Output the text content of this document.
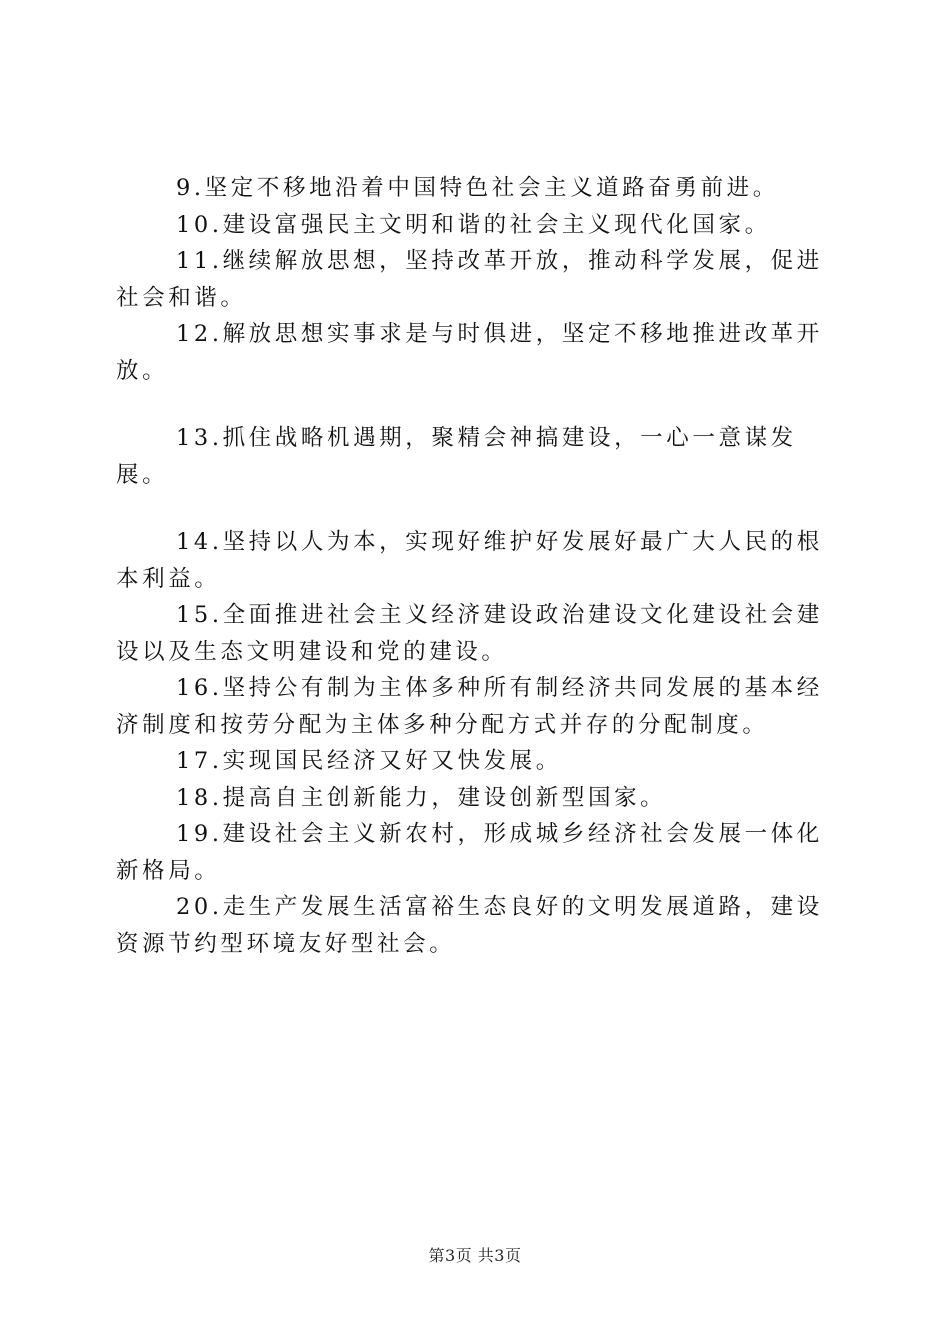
9.坚定不移地沿着中国特色社会主义道路奋勇前进。

10.建设富强民主文明和谐的社会主义现代化国家。

11.继续解放思想，坚持改革开放，推动科学发展，促进社会和谐。

12.解放思想实事求是与时俱进，坚定不移地推进改革开放。

13.抓住战略机遇期，聚精会神搞建设，一心一意谋发展。

14.坚持以人为本，实现好维护好发展好最广大人民的根本利益。

15.全面推进社会主义经济建设政治建设文化建设社会建设以及生态文明建设和党的建设。

16.坚持公有制为主体多种所有制经济共同发展的基本经济制度和按劳分配为主体多种分配方式并存的分配制度。

17.实现国民经济又好又快发展。

18.提高自主创新能力，建设创新型国家。

19.建设社会主义新农村，形成城乡经济社会发展一体化新格局。

20.走生产发展生活富裕生态良好的文明发展道路，建设资源节约型环境友好型社会。

第3页 共3页
